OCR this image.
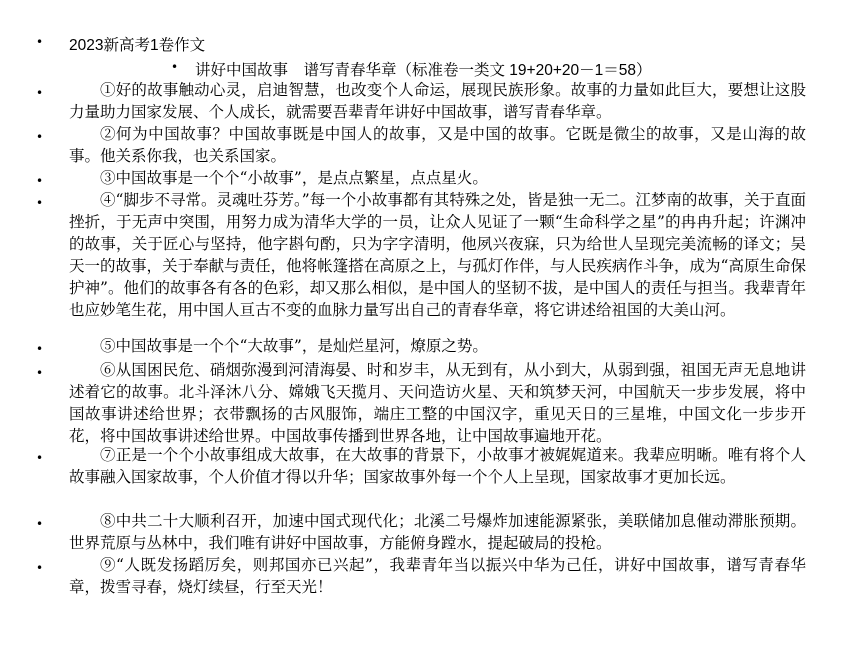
• 2023新高考1卷作文
• 讲好中国故事　谱写青春华章（标准卷一类文 19+20+20－1＝58）
•	①好的故事触动心灵，启迪智慧，也改变个人命运，展现民族形象。故事的力量如此巨大，要想让这股力量助力国家发展、个人成长，就需要吾辈青年讲好中国故事，谱写青春华章。

•	②何为中国故事？中国故事既是中国人的故事，又是中国的故事。它既是微尘的故事，又是山海的故事。他关系你我，也关系国家。

•	③中国故事是一个个“小故事”，是点点繁星，点点星火。

•	④“脚步不寻常。灵魂吐芬芳。”每一个小故事都有其特殊之处，皆是独一无二。江梦南的故事，关于直面挫折，于无声中突围，用努力成为清华大学的一员，让众人见证了一颗“生命科学之星”的冉冉升起；许渊冲的故事，关于匠心与坚持，他字斟句酌，只为字字清明，他夙兴夜寐，只为给世人呈现完美流畅的译文；吴天一的故事，关于奉献与责任，他将帐篷搭在高原之上，与孤灯作伴，与人民疾病作斗争，成为“高原生命保护神”。他们的故事各有各的色彩，却又那么相似，是中国人的坚韧不拔，是中国人的责任与担当。我辈青年也应妙笔生花，用中国人亘古不变的血脉力量写出自己的青春华章，将它讲述给祖国的大美山河。

•	⑤中国故事是一个个“大故事”，是灿烂星河，燎原之势。

•	⑥从国困民危、硝烟弥漫到河清海晏、时和岁丰，从无到有，从小到大，从弱到强，祖国无声无息地讲述着它的故事。北斗泽沐八分、嫦娥飞天揽月、天问造访火星、天和筑梦天河，中国航天一步步发展，将中国故事讲述给世界；衣带飘扬的古风服饰，端庄工整的中国汉字，重见天日的三星堆，中国文化一步步开花，将中国故事讲述给世界。中国故事传播到世界各地，让中国故事遍地开花。

•	⑦正是一个个小故事组成大故事，在大故事的背景下，小故事才被娓娓道来。我辈应明晰。唯有将个人故事融入国家故事，个人价值才得以升华；国家故事外每一个个人上呈现，国家故事才更加长远。

•	⑧中共二十大顺利召开，加速中国式现代化；北溪二号爆炸加速能源紧张，美联储加息催动滞胀预期。世界荒原与丛林中，我们唯有讲好中国故事，方能俯身蹚水，提起破局的投枪。

•	⑨“人既发扬蹈厉矣，则邦国亦已兴起”，我辈青年当以振兴中华为己任，讲好中国故事，谱写青春华章，拨雪寻春，烧灯续昼，行至天光！
